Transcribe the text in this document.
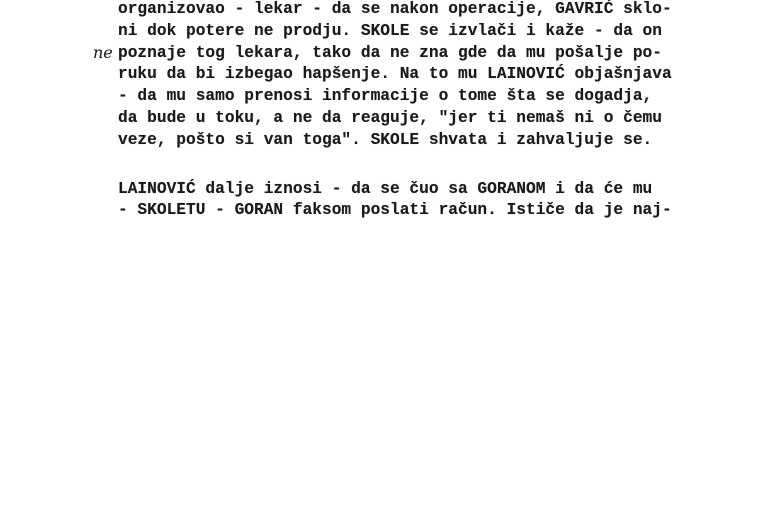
ne
organizovao - lekar - da se nakon operacije, GAVRIĆ sklo-
ni dok potere ne prodju. SKOLE se izvlači i kaže - da on
poznaje tog lekara, tako da ne zna gde da mu pošalje po-
ruku da bi izbegao hapšenje. Na to mu LAINOVIĆ objašnjava
- da mu samo prenosi informacije o tome šta se dogadja,
da bude u toku, a ne da reaguje, "jer ti nemaš ni o čemu
veze, pošto si van toga". SKOLE shvata i zahvaljuje se.
LAINOVIĆ dalje iznosi - da se čuo sa GORANOM i da će mu
- SKOLETU - GORAN faksom poslati račun. Ističe da je naj-
